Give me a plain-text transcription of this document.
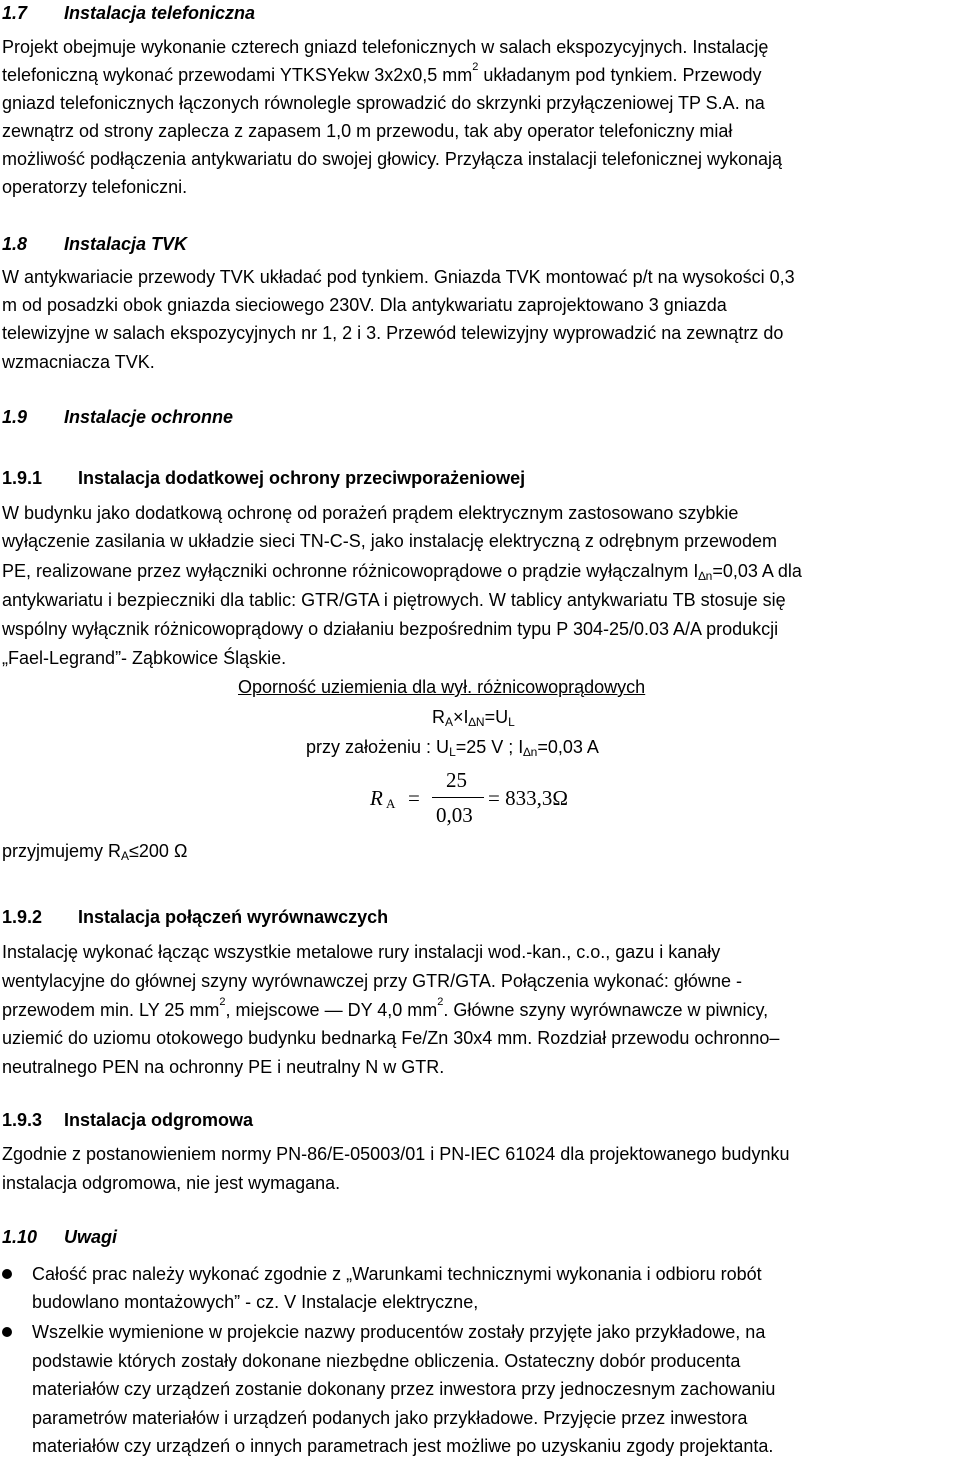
1.7 Instalacja telefoniczna
Projekt obejmuje wykonanie czterech gniazd telefonicznych w salach ekspozycyjnych. Instalację
telefoniczną wykonać przewodami YTKSYekw 3x2x0,5 $mm^2$ układanym pod tynkiem. Przewody
gniazd telefonicznych łączonych równolegle sprowadzić do skrzynki przyłączeniowej TP S.A. na
zewnątrz od strony zaplecza z zapasem 1,0 m przewodu, tak aby operator telefoniczny miał
możliwość podłączenia antykwariatu do swojej głowicy. Przyłącza instalacji telefonicznej wykonają
operatorzy telefoniczni.
1.8 Instalacja TVK
W antykwariacie przewody TVK układać pod tynkiem. Gniazda TVK montować p/t na wysokości 0,3
m od posadzki obok gniazda sieciowego 230V. Dla antykwariatu zaprojektowano 3 gniazda
telewizyjne w salach ekspozycyjnych nr 1, 2 i 3. Przewód telewizyjny wyprowadzić na zewnątrz do
wzmacniacza TVK.
1.9 Instalacje ochronne
1.9.1 Instalacja dodatkowej ochrony przeciwporażeniowej
W budynku jako dodatkową ochronę od porażeń prądem elektrycznym zastosowano szybkie
wyłączenie zasilania w układzie sieci TN-C-S, jako instalację elektryczną z odrębnym przewodem
PE, realizowane przez wyłączniki ochronne różnicowoprądowe o prądzie wyłączalnym $I_{\Delta n}=0,03$ A dla
antykwariatu i bezpieczniki dla tablic: GTR/GTA i piętrowych. W tablicy antykwariatu TB stosuje się
wspólny wyłącznik różnicowoprądowy o działaniu bezpośrednim typu P 304-25/0.03 A/A produkcji
„Fael-Legrand”- Ząbkowice Śląskie.
Oporność uziemienia dla wył. różnicowoprądowych
$R_A\times I_{\Delta N}=U_L$
przy założeniu : $U_L=25$ V ; $I_{\Delta n}=0,03$ A
R A =
25
0,03
= 833,3Ω
przyjmujemy $R_A\le 200$ Ω
1.9.2 Instalacja połączeń wyrównawczych
Instalację wykonać łącząc wszystkie metalowe rury instalacji wod.-kan., c.o., gazu i kanały
wentylacyjne do głównej szyny wyrównawczej przy GTR/GTA. Połączenia wykonać: główne -
przewodem min. LY 25 $mm^2$, miejscowe — DY 4,0 $mm^2$. Główne szyny wyrównawcze w piwnicy,
uziemić do uziomu otokowego budynku bednarką Fe/Zn 30x4 mm. Rozdział przewodu ochronno–
neutralnego PEN na ochronny PE i neutralny N w GTR.
1.9.3 Instalacja odgromowa
Zgodnie z postanowieniem normy PN-86/E-05003/01 i PN-IEC 61024 dla projektowanego budynku
instalacja odgromowa, nie jest wymagana.
1.10 Uwagi
Całość prac należy wykonać zgodnie z „Warunkami technicznymi wykonania i odbioru robót
budowlano montażowych” - cz. V Instalacje elektryczne,
Wszelkie wymienione w projekcie nazwy producentów zostały przyjęte jako przykładowe, na
podstawie których zostały dokonane niezbędne obliczenia. Ostateczny dobór producenta
materiałów czy urządzeń zostanie dokonany przez inwestora przy jednoczesnym zachowaniu
parametrów materiałów i urządzeń podanych jako przykładowe. Przyjęcie przez inwestora
materiałów czy urządzeń o innych parametrach jest możliwe po uzyskaniu zgody projektanta.
